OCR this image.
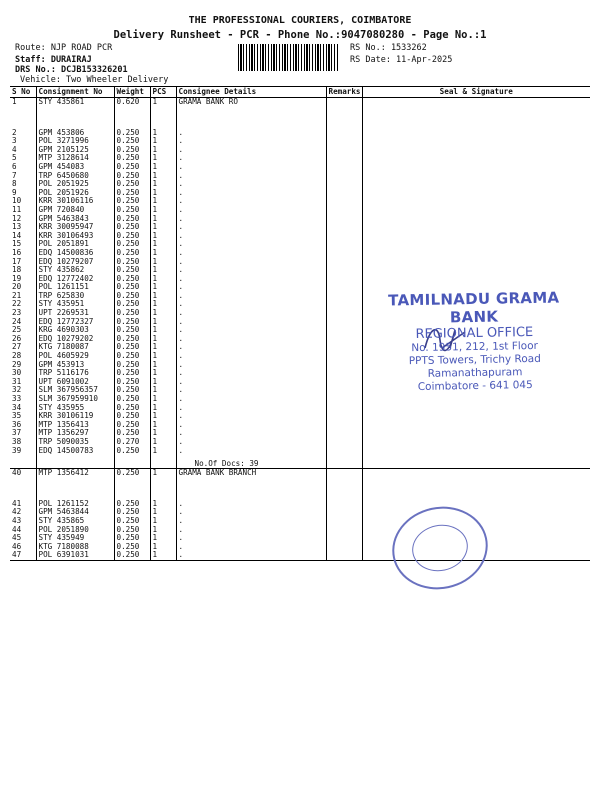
THE PROFESSIONAL COURIERS, COIMBATORE
Delivery Runsheet - PCR - Phone No.:9047080280 - Page No.:1
Route: NJP ROAD PCR
Staff: DURAIRAJ
DRS No.: DCJB153326201
Vehicle: Two Wheeler Delivery
RS No.: 1533262
RS Date: 11-Apr-2025
S No	Consignment No	Weight	PCS	Consignee Details	Remarks	Seal & Signature
1	STY 435861	0.620	1	GRAMA BANK RO		

2	GPM 453806	0.250	1	.		
3	POL 3271996	0.250	1	.		
4	GPM 2105125	0.250	1	.		
5	MTP 3128614	0.250	1	.		
6	GPM 454083	0.250	1	.		
7	TRP 6450680	0.250	1	.		
8	POL 2051925	0.250	1	.		
9	POL 2051926	0.250	1	.		
10	KRR 30106116	0.250	1	.		
11	GPM 720840	0.250	1	.		
12	GPM 5463843	0.250	1	.		
13	KRR 30095947	0.250	1	.		
14	KRR 30106493	0.250	1	.		
15	POL 2051891	0.250	1	.		
16	EDQ 14500836	0.250	1	.		
17	EDQ 10279207	0.250	1	.		
18	STY 435862	0.250	1	.		
19	EDQ 12772402	0.250	1	.		
20	POL 1261151	0.250	1	.		
21	TRP 625830	0.250	1	.		
22	STY 435951	0.250	1	.		
23	UPT 2269531	0.250	1	.		
24	EDQ 12772327	0.250	1	.		
25	KRG 4690303	0.250	1	.		
26	EDQ 10279202	0.250	1	.		
27	KTG 7180087	0.250	1	.		
28	POL 4605929	0.250	1	.		
29	GPM 453913	0.250	1	.		
30	TRP 5116176	0.250	1	.		
31	UPT 6091002	0.250	1	.		
32	SLM 367956357	0.250	1	.		
33	SLM 367959910	0.250	1	.		
34	STY 435955	0.250	1	.		
35	KRR 30106119	0.250	1	.		
36	MTP 1356413	0.250	1	.		
37	MTP 1356297	0.250	1	.		
38	TRP 5090035	0.270	1	.		
39	EDQ 14500783	0.250	1	.		
				No.Of Docs: 39		
40	MTP 1356412	0.250	1	GRAMA BANK BRANCH		

41	POL 1261152	0.250	1	.		
42	GPM 5463844	0.250	1	.		
43	STY 435865	0.250	1	.		
44	POL 2051890	0.250	1	.		
45	STY 435949	0.250	1	.		
46	KTG 7180088	0.250	1	.		
47	POL 6391031	0.250	1	.		
TAMILNADU GRAMA BANK
REGIONAL OFFICE
No. 1951, 212, 1st Floor
PPTS Towers, Trichy Road
Ramanathapuram
Coimbatore - 641 045
